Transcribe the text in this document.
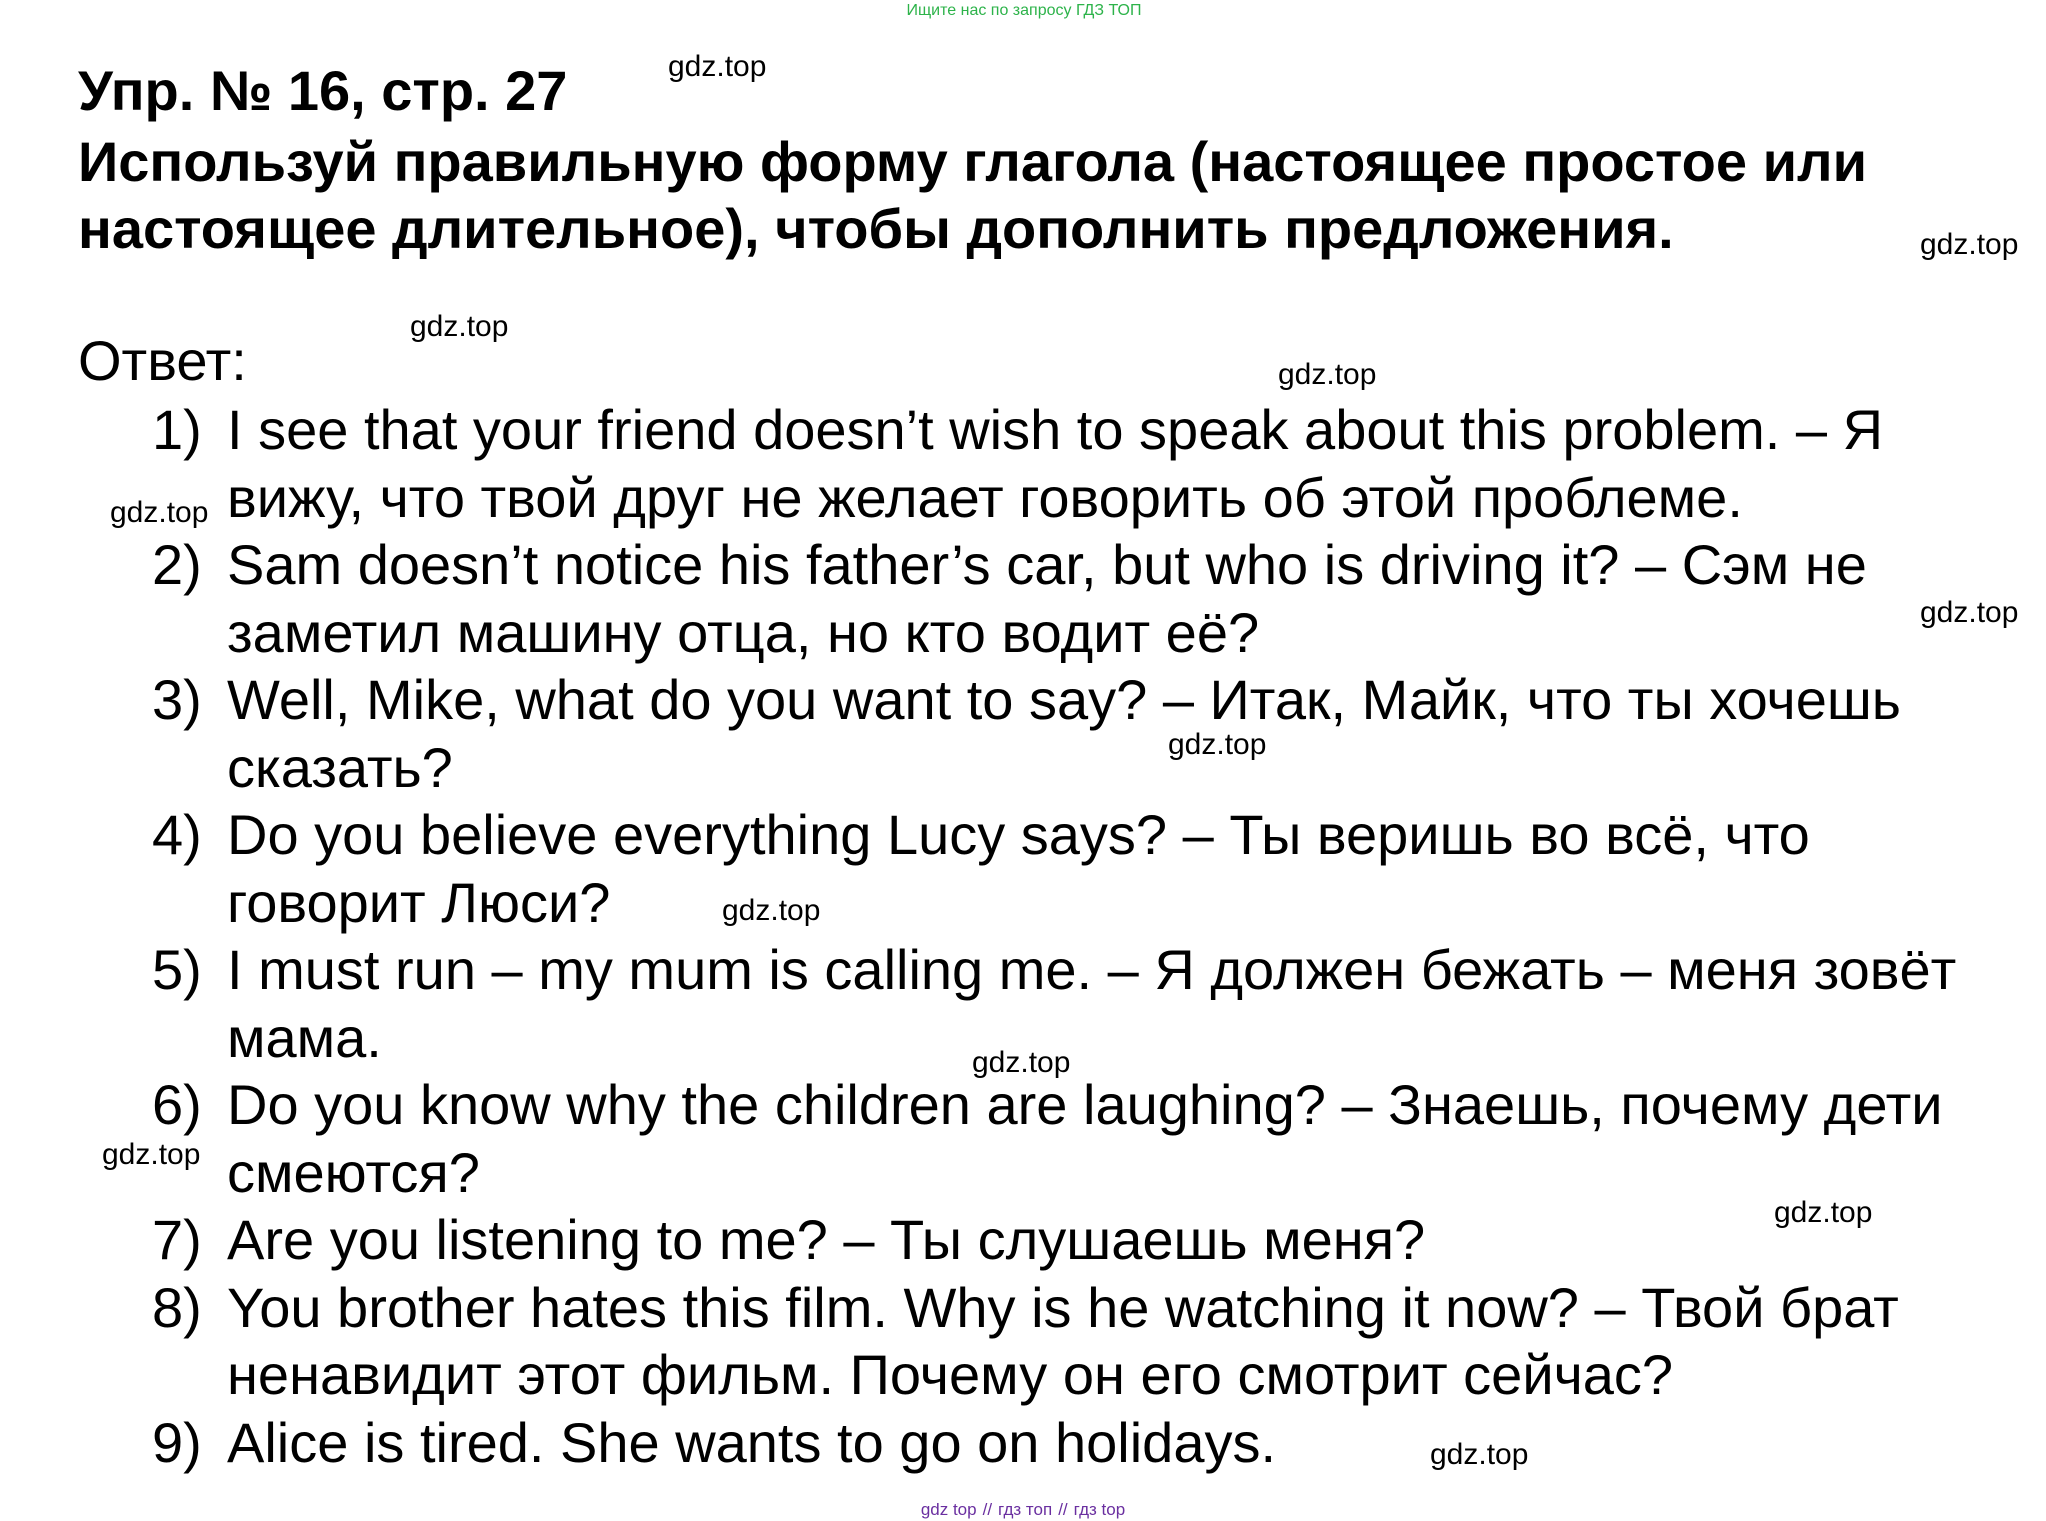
Ищите нас по запросу ГДЗ ТОП
Упр. № 16, стр. 27
Используй правильную форму глагола (настоящее простое или настоящее длительное), чтобы дополнить предложения.
Ответ:
1) I see that your friend doesn’t wish to speak about this problem. – Я вижу, что твой друг не желает говорить об этой проблеме.
2) Sam doesn’t notice his father’s car, but who is driving it? – Сэм не заметил машину отца, но кто водит её?
3) Well, Mike, what do you want to say? – Итак, Майк, что ты хочешь сказать?
4) Do you believe everything Lucy says? – Ты веришь во всё, что говорит Люси?
5) I must run – my mum is calling me. – Я должен бежать – меня зовёт мама.
6) Do you know why the children are laughing? – Знаешь, почему дети смеются?
7) Are you listening to me? – Ты слушаешь меня?
8) You brother hates this film. Why is he watching it now? – Твой брат ненавидит этот фильм. Почему он его смотрит сейчас?
9) Alice is tired. She wants to go on holidays.
gdz.top
gdz.top
gdz.top
gdz.top
gdz.top
gdz.top
gdz.top
gdz.top
gdz.top
gdz.top
gdz.top
gdz.top
gdz top // гдз топ // гдз top
